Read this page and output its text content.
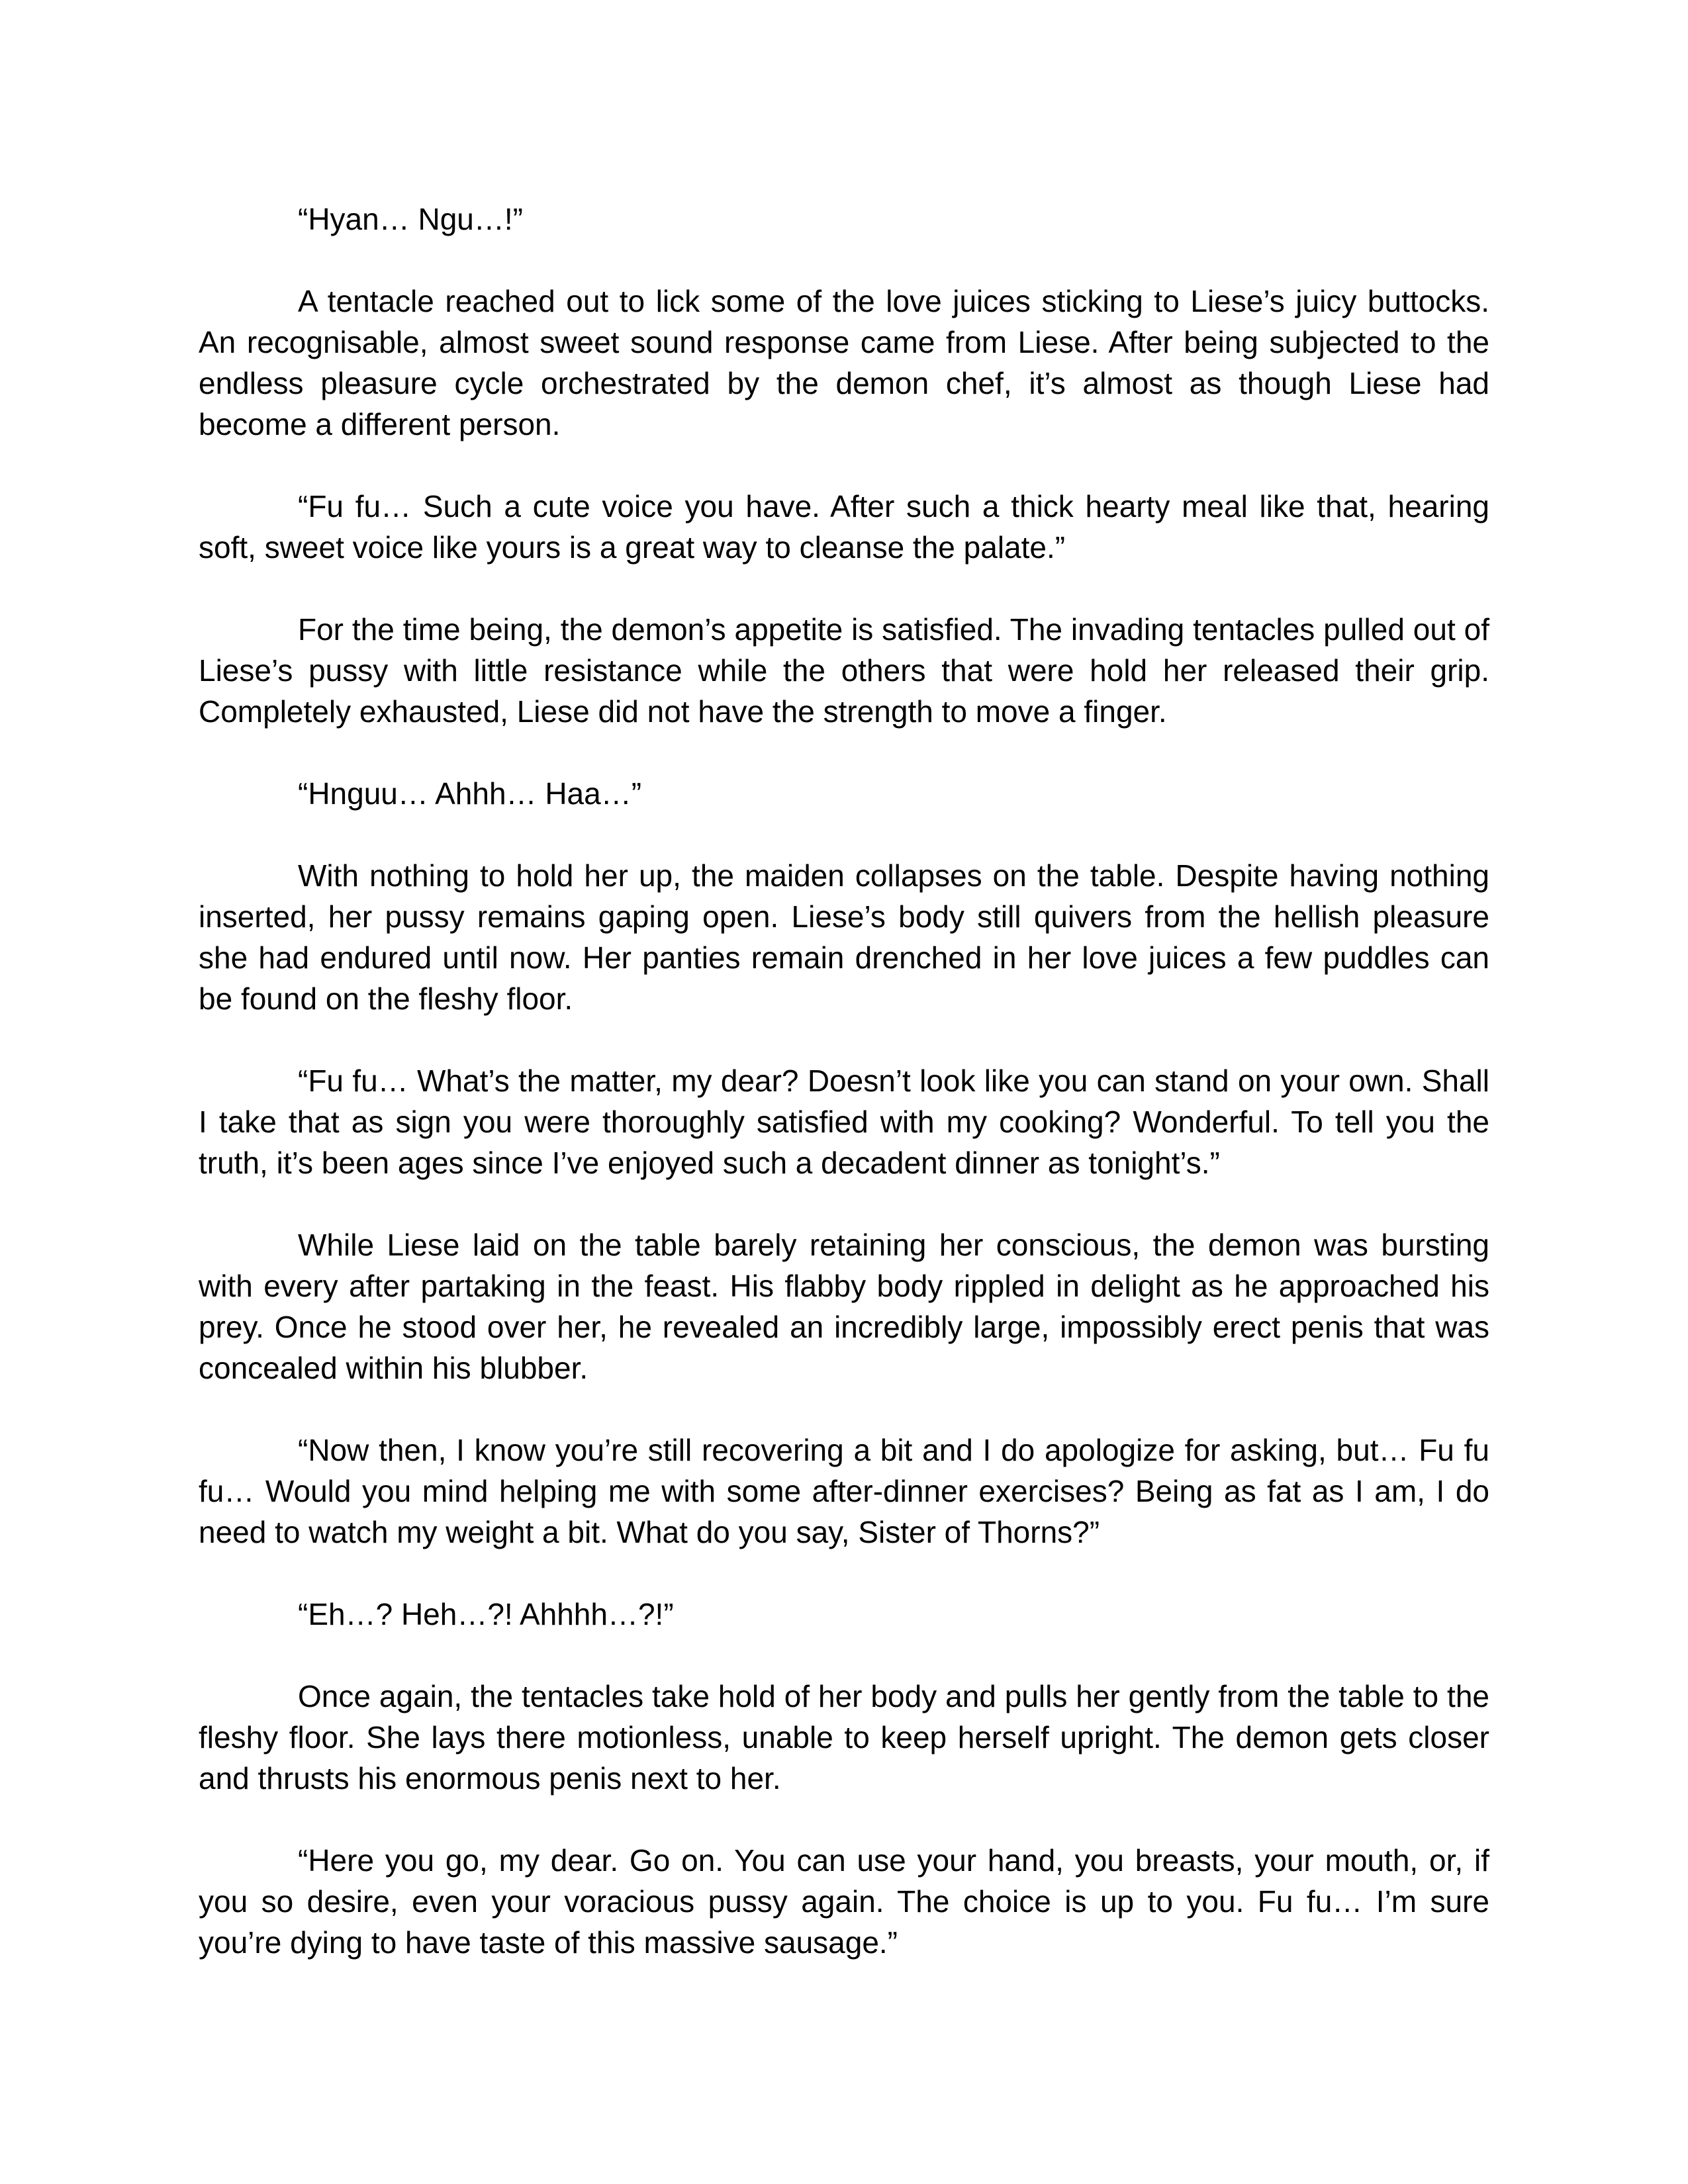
“Hyan… Ngu…!”

A tentacle reached out to lick some of the love juices sticking to Liese’s juicy buttocks. An recognisable, almost sweet sound response came from Liese. After being subjected to the endless pleasure cycle orchestrated by the demon chef, it’s almost as though Liese had become a different person.

“Fu fu… Such a cute voice you have. After such a thick hearty meal like that, hearing soft, sweet voice like yours is a great way to cleanse the palate.”

For the time being, the demon’s appetite is satisfied. The invading tentacles pulled out of Liese’s pussy with little resistance while the others that were hold her released their grip. Completely exhausted, Liese did not have the strength to move a finger.

“Hnguu… Ahhh… Haa…”

With nothing to hold her up, the maiden collapses on the table. Despite having nothing inserted, her pussy remains gaping open. Liese’s body still quivers from the hellish pleasure she had endured until now. Her panties remain drenched in her love juices a few puddles can be found on the fleshy floor.

“Fu fu… What’s the matter, my dear? Doesn’t look like you can stand on your own. Shall I take that as sign you were thoroughly satisfied with my cooking? Wonderful. To tell you the truth, it’s been ages since I’ve enjoyed such a decadent dinner as tonight’s.”

While Liese laid on the table barely retaining her conscious, the demon was bursting with every after partaking in the feast. His flabby body rippled in delight as he approached his prey. Once he stood over her, he revealed an incredibly large, impossibly erect penis that was concealed within his blubber.

“Now then, I know you’re still recovering a bit and I do apologize for asking, but… Fu fu fu… Would you mind helping me with some after-dinner exercises? Being as fat as I am, I do need to watch my weight a bit. What do you say, Sister of Thorns?”

“Eh…? Heh…?! Ahhhh…?!”

Once again, the tentacles take hold of her body and pulls her gently from the table to the fleshy floor. She lays there motionless, unable to keep herself upright. The demon gets closer and thrusts his enormous penis next to her.

“Here you go, my dear. Go on. You can use your hand, you breasts, your mouth, or, if you so desire, even your voracious pussy again. The choice is up to you. Fu fu… I’m sure you’re dying to have taste of this massive sausage.”
